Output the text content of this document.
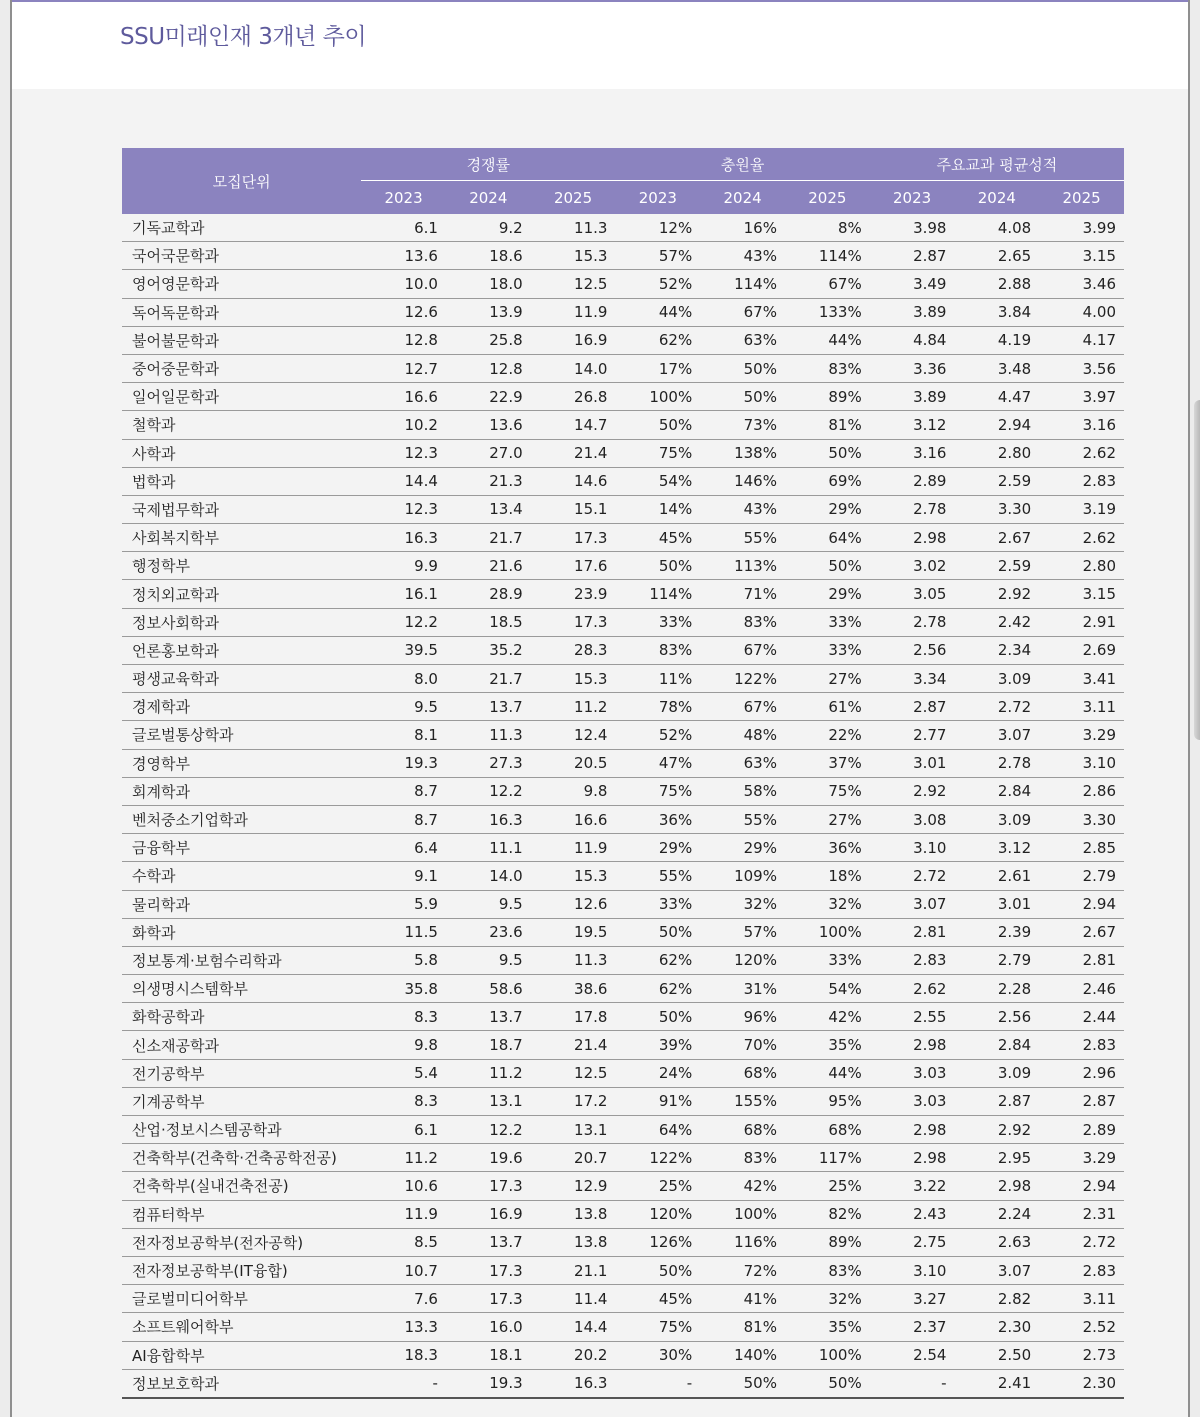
SSU미래인재 3개년 추이
모집단위	경쟁률			충원율			주요교과 평균성적		
	2023	2024	2025	2023	2024	2025	2023	2024	2025
기독교학과	6.1	9.2	11.3	12%	16%	8%	3.98	4.08	3.99
국어국문학과	13.6	18.6	15.3	57%	43%	114%	2.87	2.65	3.15
영어영문학과	10.0	18.0	12.5	52%	114%	67%	3.49	2.88	3.46
독어독문학과	12.6	13.9	11.9	44%	67%	133%	3.89	3.84	4.00
불어불문학과	12.8	25.8	16.9	62%	63%	44%	4.84	4.19	4.17
중어중문학과	12.7	12.8	14.0	17%	50%	83%	3.36	3.48	3.56
일어일문학과	16.6	22.9	26.8	100%	50%	89%	3.89	4.47	3.97
철학과	10.2	13.6	14.7	50%	73%	81%	3.12	2.94	3.16
사학과	12.3	27.0	21.4	75%	138%	50%	3.16	2.80	2.62
법학과	14.4	21.3	14.6	54%	146%	69%	2.89	2.59	2.83
국제법무학과	12.3	13.4	15.1	14%	43%	29%	2.78	3.30	3.19
사회복지학부	16.3	21.7	17.3	45%	55%	64%	2.98	2.67	2.62
행정학부	9.9	21.6	17.6	50%	113%	50%	3.02	2.59	2.80
정치외교학과	16.1	28.9	23.9	114%	71%	29%	3.05	2.92	3.15
정보사회학과	12.2	18.5	17.3	33%	83%	33%	2.78	2.42	2.91
언론홍보학과	39.5	35.2	28.3	83%	67%	33%	2.56	2.34	2.69
평생교육학과	8.0	21.7	15.3	11%	122%	27%	3.34	3.09	3.41
경제학과	9.5	13.7	11.2	78%	67%	61%	2.87	2.72	3.11
글로벌통상학과	8.1	11.3	12.4	52%	48%	22%	2.77	3.07	3.29
경영학부	19.3	27.3	20.5	47%	63%	37%	3.01	2.78	3.10
회계학과	8.7	12.2	9.8	75%	58%	75%	2.92	2.84	2.86
벤처중소기업학과	8.7	16.3	16.6	36%	55%	27%	3.08	3.09	3.30
금융학부	6.4	11.1	11.9	29%	29%	36%	3.10	3.12	2.85
수학과	9.1	14.0	15.3	55%	109%	18%	2.72	2.61	2.79
물리학과	5.9	9.5	12.6	33%	32%	32%	3.07	3.01	2.94
화학과	11.5	23.6	19.5	50%	57%	100%	2.81	2.39	2.67
정보통계·보험수리학과	5.8	9.5	11.3	62%	120%	33%	2.83	2.79	2.81
의생명시스템학부	35.8	58.6	38.6	62%	31%	54%	2.62	2.28	2.46
화학공학과	8.3	13.7	17.8	50%	96%	42%	2.55	2.56	2.44
신소재공학과	9.8	18.7	21.4	39%	70%	35%	2.98	2.84	2.83
전기공학부	5.4	11.2	12.5	24%	68%	44%	3.03	3.09	2.96
기계공학부	8.3	13.1	17.2	91%	155%	95%	3.03	2.87	2.87
산업·정보시스템공학과	6.1	12.2	13.1	64%	68%	68%	2.98	2.92	2.89
건축학부(건축학·건축공학전공)	11.2	19.6	20.7	122%	83%	117%	2.98	2.95	3.29
건축학부(실내건축전공)	10.6	17.3	12.9	25%	42%	25%	3.22	2.98	2.94
컴퓨터학부	11.9	16.9	13.8	120%	100%	82%	2.43	2.24	2.31
전자정보공학부(전자공학)	8.5	13.7	13.8	126%	116%	89%	2.75	2.63	2.72
전자정보공학부(IT융합)	10.7	17.3	21.1	50%	72%	83%	3.10	3.07	2.83
글로벌미디어학부	7.6	17.3	11.4	45%	41%	32%	3.27	2.82	3.11
소프트웨어학부	13.3	16.0	14.4	75%	81%	35%	2.37	2.30	2.52
AI융합학부	18.3	18.1	20.2	30%	140%	100%	2.54	2.50	2.73
정보보호학과	-	19.3	16.3	-	50%	50%	-	2.41	2.30
